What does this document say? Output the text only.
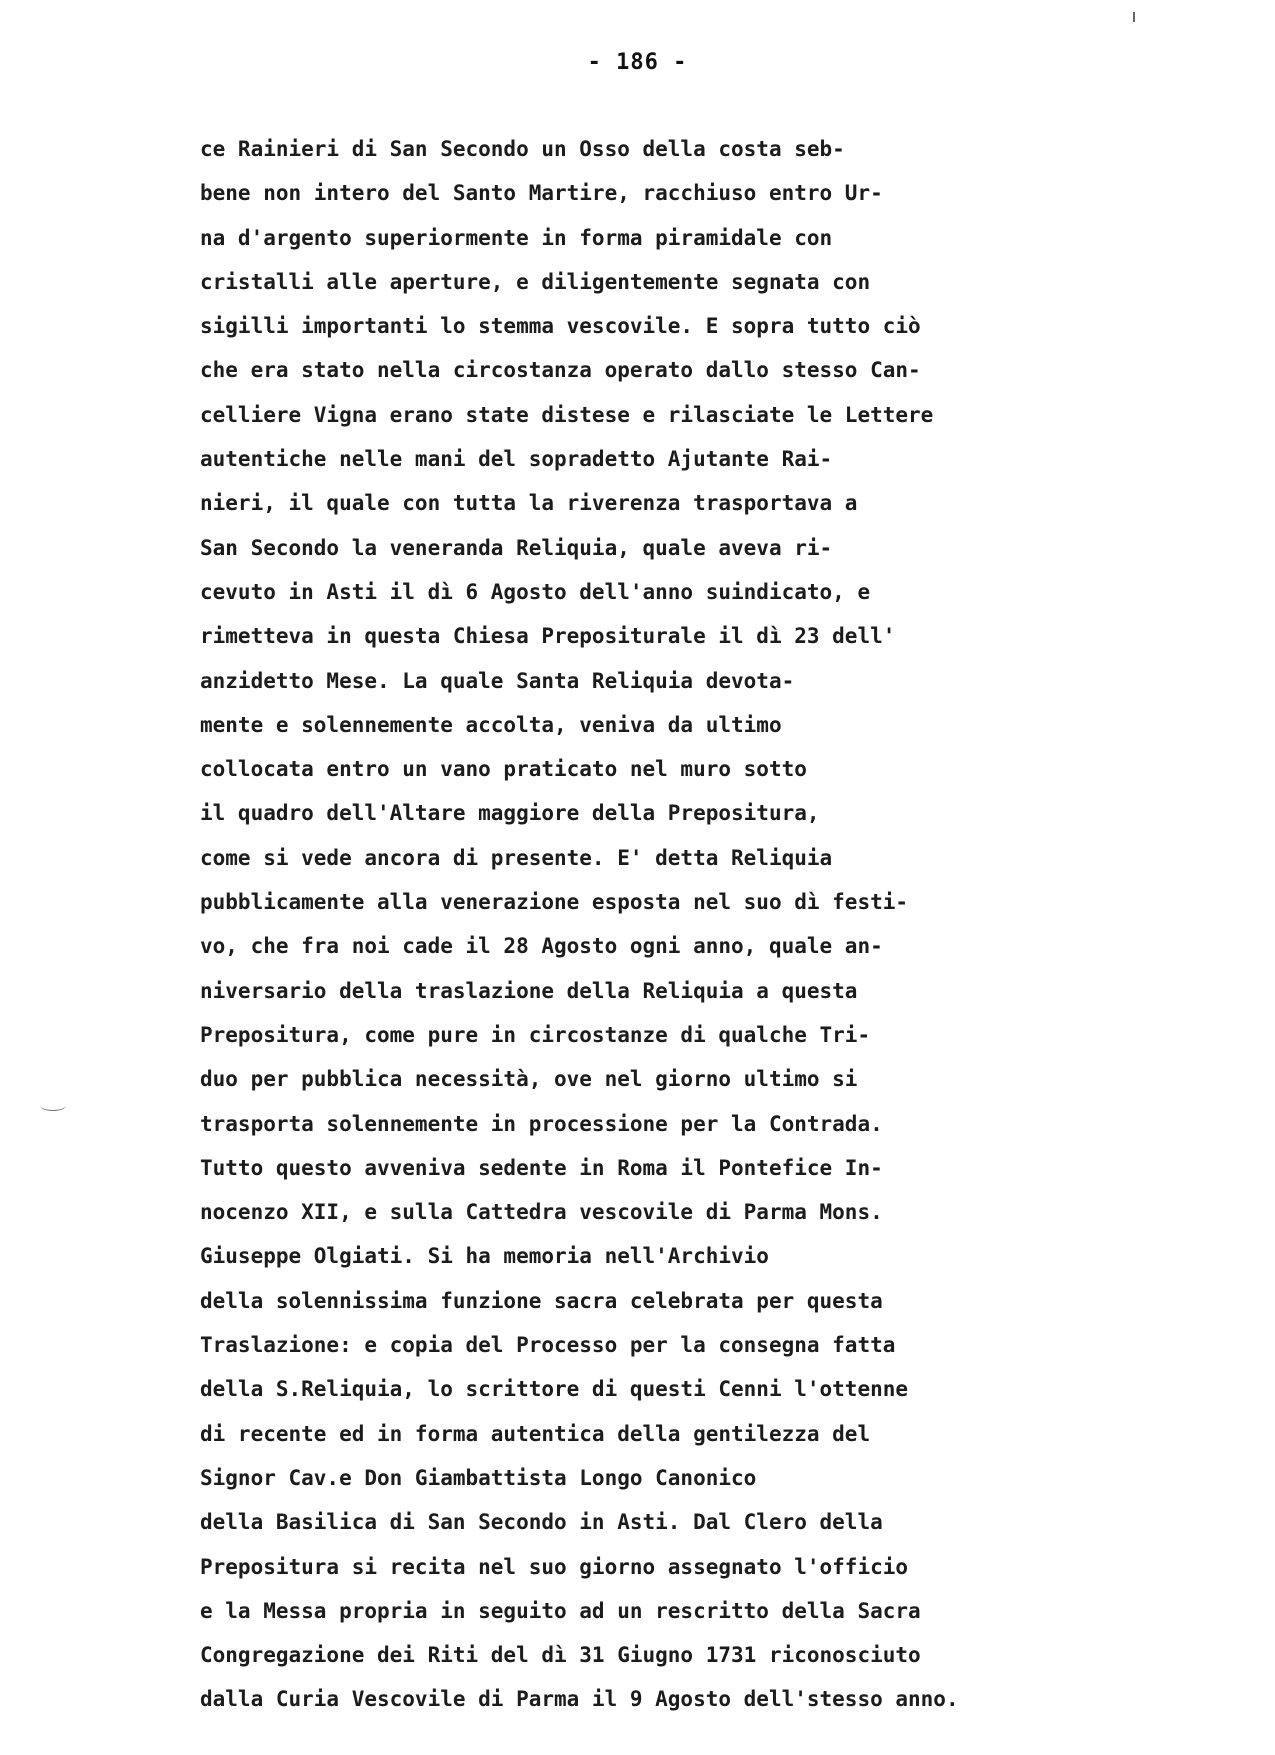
- 186 -
ce Rainieri di San Secondo un Osso della costa seb-
bene non intero del Santo Martire, racchiuso entro Ur-
na d'argento superiormente in forma piramidale con
cristalli alle aperture, e diligentemente segnata con
sigilli importanti lo stemma vescovile. E sopra tutto ciò
che era stato nella circostanza operato dallo stesso Can-
celliere Vigna erano state distese e rilasciate le Lettere
autentiche nelle mani del sopradetto Ajutante Rai-
nieri, il quale con tutta la riverenza trasportava a
San Secondo la veneranda Reliquia, quale aveva ri-
cevuto in Asti il dì 6 Agosto dell'anno suindicato, e
rimetteva in questa Chiesa Prepositurale il dì 23 dell'
anzidetto Mese. La quale Santa Reliquia devota-
mente e solennemente accolta, veniva da ultimo
collocata entro un vano praticato nel muro sotto
il quadro dell'Altare maggiore della Prepositura,
come si vede ancora di presente. E' detta Reliquia
pubblicamente alla venerazione esposta nel suo dì festi-
vo, che fra noi cade il 28 Agosto ogni anno, quale an-
niversario della traslazione della Reliquia a questa
Prepositura, come pure in circostanze di qualche Tri-
duo per pubblica necessità, ove nel giorno ultimo si
trasporta solennemente in processione per la Contrada.
Tutto questo avveniva sedente in Roma il Pontefice In-
nocenzo XII, e sulla Cattedra vescovile di Parma Mons.
Giuseppe Olgiati. Si ha memoria nell'Archivio
della solennissima funzione sacra celebrata per questa
Traslazione: e copia del Processo per la consegna fatta
della S.Reliquia, lo scrittore di questi Cenni l'ottenne
di recente ed in forma autentica della gentilezza del
Signor Cav.e Don Giambattista Longo Canonico
della Basilica di San Secondo in Asti. Dal Clero della
Prepositura si recita nel suo giorno assegnato l'officio
e la Messa propria in seguito ad un rescritto della Sacra
Congregazione dei Riti del dì 31 Giugno 1731 riconosciuto
dalla Curia Vescovile di Parma il 9 Agosto dell'stesso anno.
